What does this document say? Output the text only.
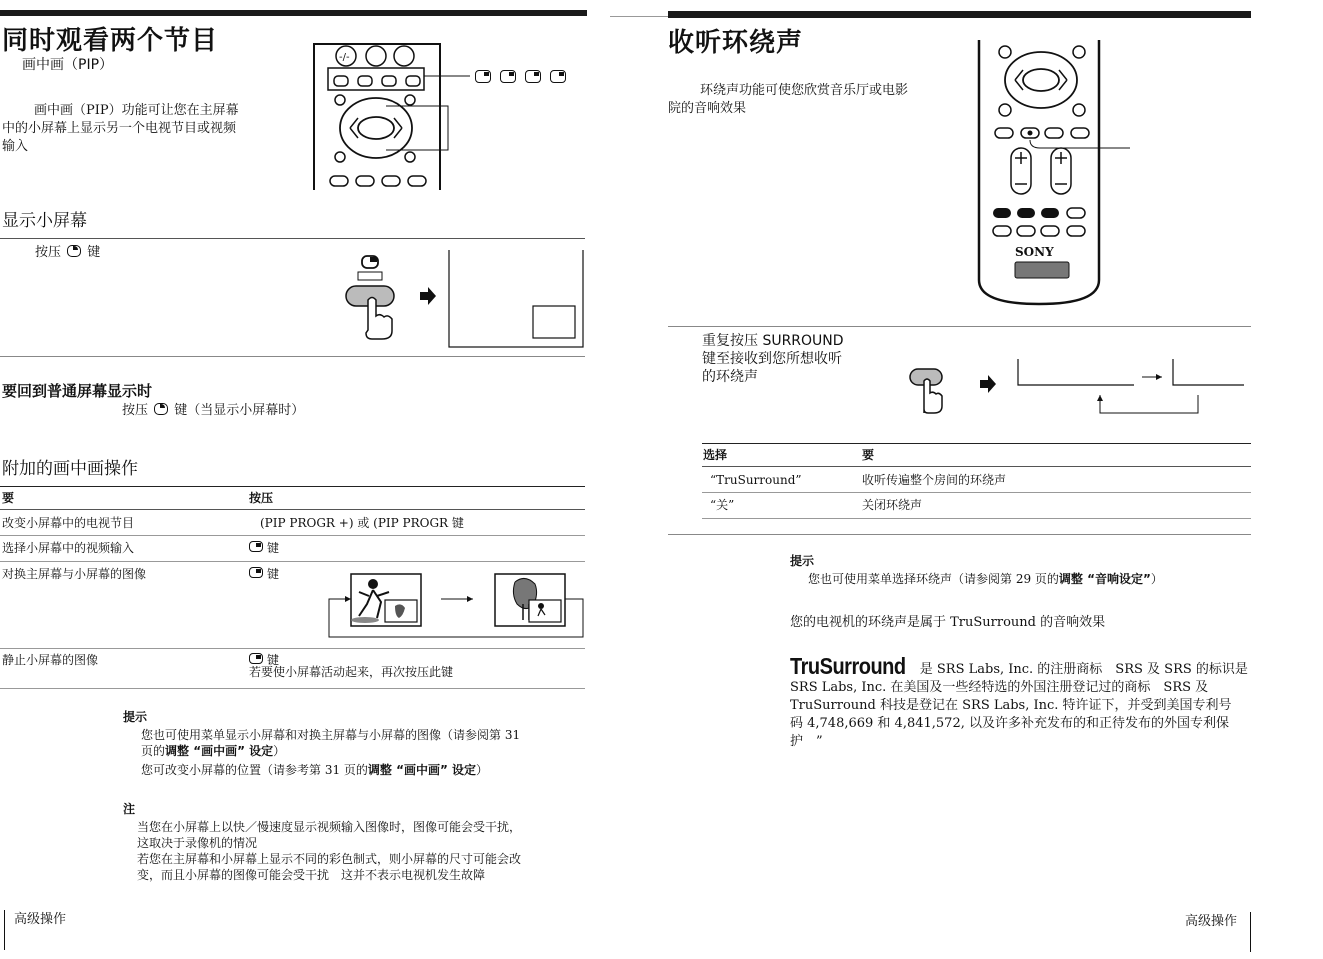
同时观看两个节目
画中画（PIP）
画中画（PIP）功能可让您在主屏幕
中的小屏幕上显示另一个电视节目或视频
输入
-/-

显示小屏幕
按压 键
要回到普通屏幕显示时
按压 键（当显示小屏幕时）
附加的画中画操作
要	按压
改变小屏幕中的电视节目	(PIP PROGR +) 或 (PIP PROGR 键
选择小屏幕中的视频输入	键
对换主屏幕与小屏幕的图像	键
静止小屏幕的图像	键
若要使小屏幕活动起来，再次按压此键
提示
您也可使用菜单显示小屏幕和对换主屏幕与小屏幕的图像（请参阅第 31
页的调整 “画中画” 设定）
您可改变小屏幕的位置（请参考第 31 页的调整 “画中画” 设定）
注
当您在小屏幕上以快／慢速度显示视频输入图像时，图像可能会受干扰，
这取决于录像机的情况
若您在主屏幕和小屏幕上显示不同的彩色制式，则小屏幕的尺寸可能会改
变，而且小屏幕的图像可能会受干扰　这并不表示电视机发生故障
高级操作
收听环绕声
环绕声功能可使您欣赏音乐厅或电影
院的音响效果
SONY
重复按压 SURROUND
键至接收到您所想收听
的环绕声
选择	要
“TruSurround”	收听传遍整个房间的环绕声
“关”	关闭环绕声
提示
您也可使用菜单选择环绕声（请参阅第 29 页的调整 “音响设定”）
您的电视机的环绕声是属于 TruSurround 的音响效果
TruSurround 是 SRS Labs, Inc. 的注册商标　SRS 及 SRS 的标识是
SRS Labs, Inc. 在美国及一些经特选的外国注册登记过的商标　SRS 及
TruSurround 科技是登记在 SRS Labs, Inc. 特许证下，并受到美国专利号
码 4,748,669 和 4,841,572, 以及许多补充发布的和正待发布的外国专利保
护　”
高级操作
